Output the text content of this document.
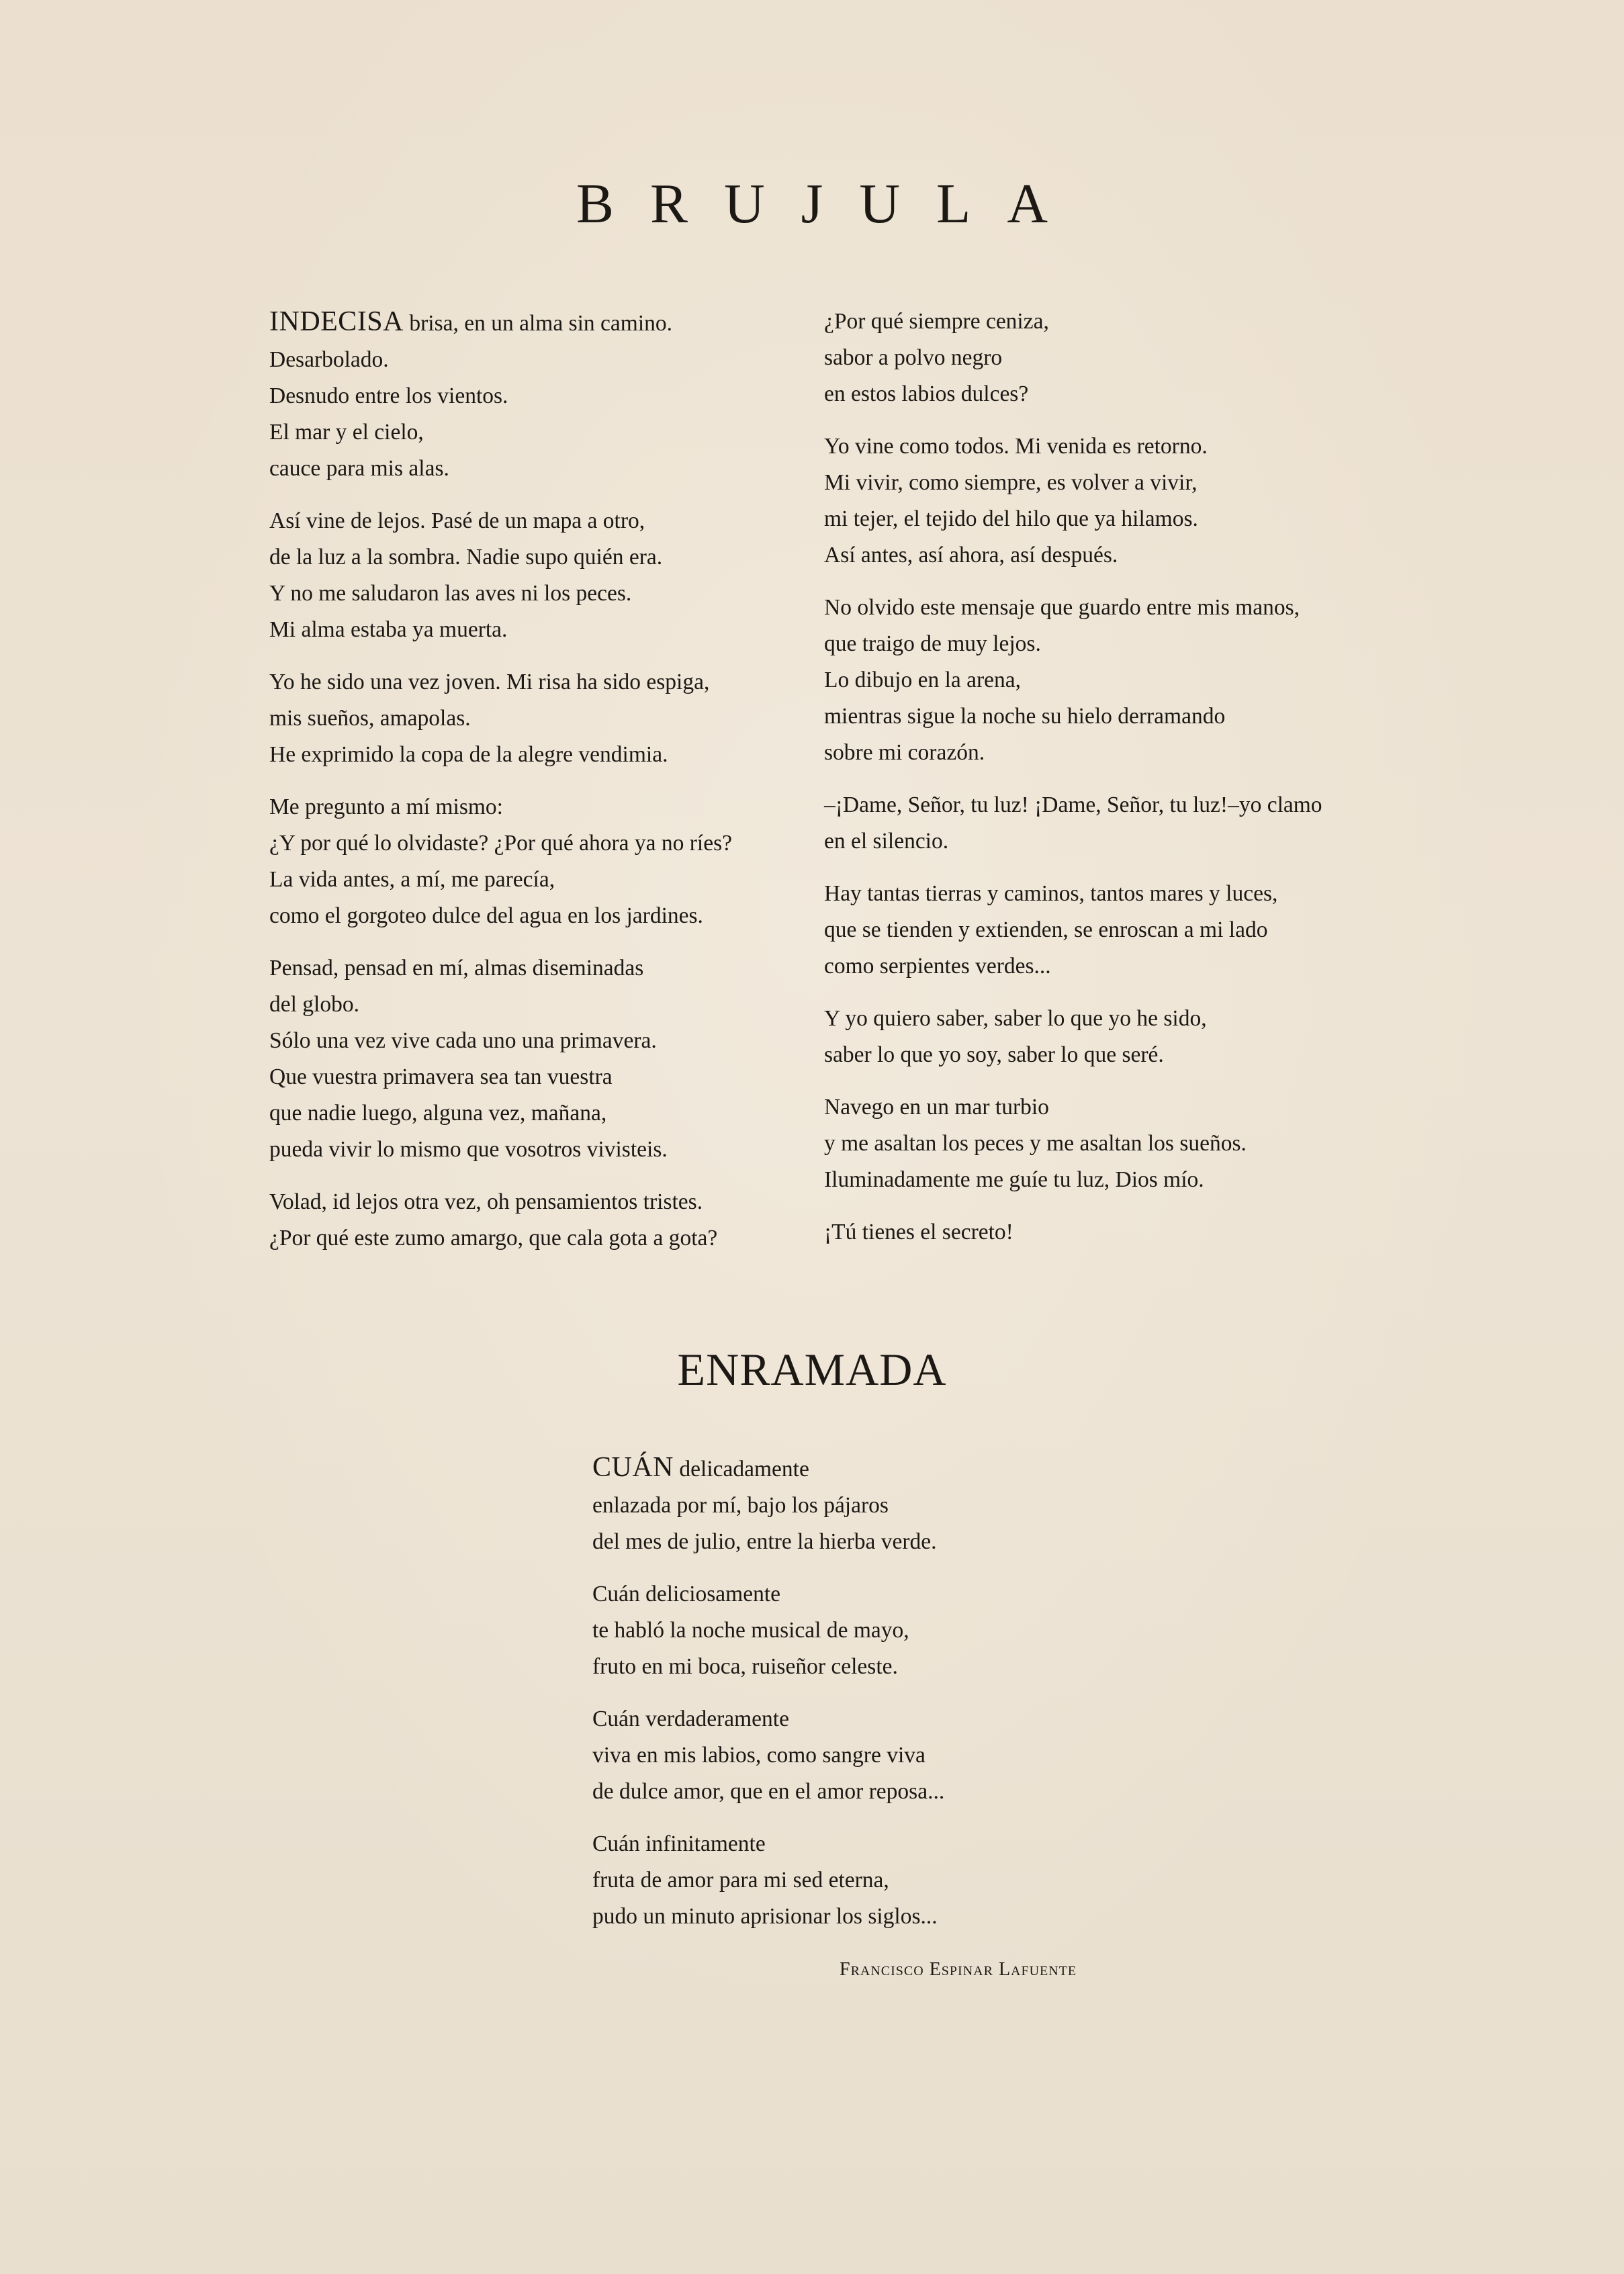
BRUJULA
INDECISA brisa, en un alma sin camino.
Desarbolado.
Desnudo entre los vientos.
El mar y el cielo,
cauce para mis alas.
Así vine de lejos. Pasé de un mapa a otro,
de la luz a la sombra. Nadie supo quién era.
Y no me saludaron las aves ni los peces.
Mi alma estaba ya muerta.
Yo he sido una vez joven. Mi risa ha sido espiga,
mis sueños, amapolas.
He exprimido la copa de la alegre vendimia.
Me pregunto a mí mismo:
¿Y por qué lo olvidaste? ¿Por qué ahora ya no ríes?
La vida antes, a mí, me parecía,
como el gorgoteo dulce del agua en los jardines.
Pensad, pensad en mí, almas diseminadas
del globo.
Sólo una vez vive cada uno una primavera.
Que vuestra primavera sea tan vuestra
que nadie luego, alguna vez, mañana,
pueda vivir lo mismo que vosotros vivisteis.
Volad, id lejos otra vez, oh pensamientos tristes.
¿Por qué este zumo amargo, que cala gota a gota?
¿Por qué siempre ceniza,
sabor a polvo negro
en estos labios dulces?
Yo vine como todos. Mi venida es retorno.
Mi vivir, como siempre, es volver a vivir,
mi tejer, el tejido del hilo que ya hilamos.
Así antes, así ahora, así después.
No olvido este mensaje que guardo entre mis manos,
que traigo de muy lejos.
Lo dibujo en la arena,
mientras sigue la noche su hielo derramando
sobre mi corazón.
–¡Dame, Señor, tu luz! ¡Dame, Señor, tu luz!–yo clamo
en el silencio.
Hay tantas tierras y caminos, tantos mares y luces,
que se tienden y extienden, se enroscan a mi lado
como serpientes verdes...
Y yo quiero saber, saber lo que yo he sido,
saber lo que yo soy, saber lo que seré.
Navego en un mar turbio
y me asaltan los peces y me asaltan los sueños.
Iluminadamente me guíe tu luz, Dios mío.
¡Tú tienes el secreto!
ENRAMADA
CUÁN delicadamente
enlazada por mí, bajo los pájaros
del mes de julio, entre la hierba verde.
Cuán deliciosamente
te habló la noche musical de mayo,
fruto en mi boca, ruiseñor celeste.
Cuán verdaderamente
viva en mis labios, como sangre viva
de dulce amor, que en el amor reposa...
Cuán infinitamente
fruta de amor para mi sed eterna,
pudo un minuto aprisionar los siglos...
Francisco Espinar Lafuente
